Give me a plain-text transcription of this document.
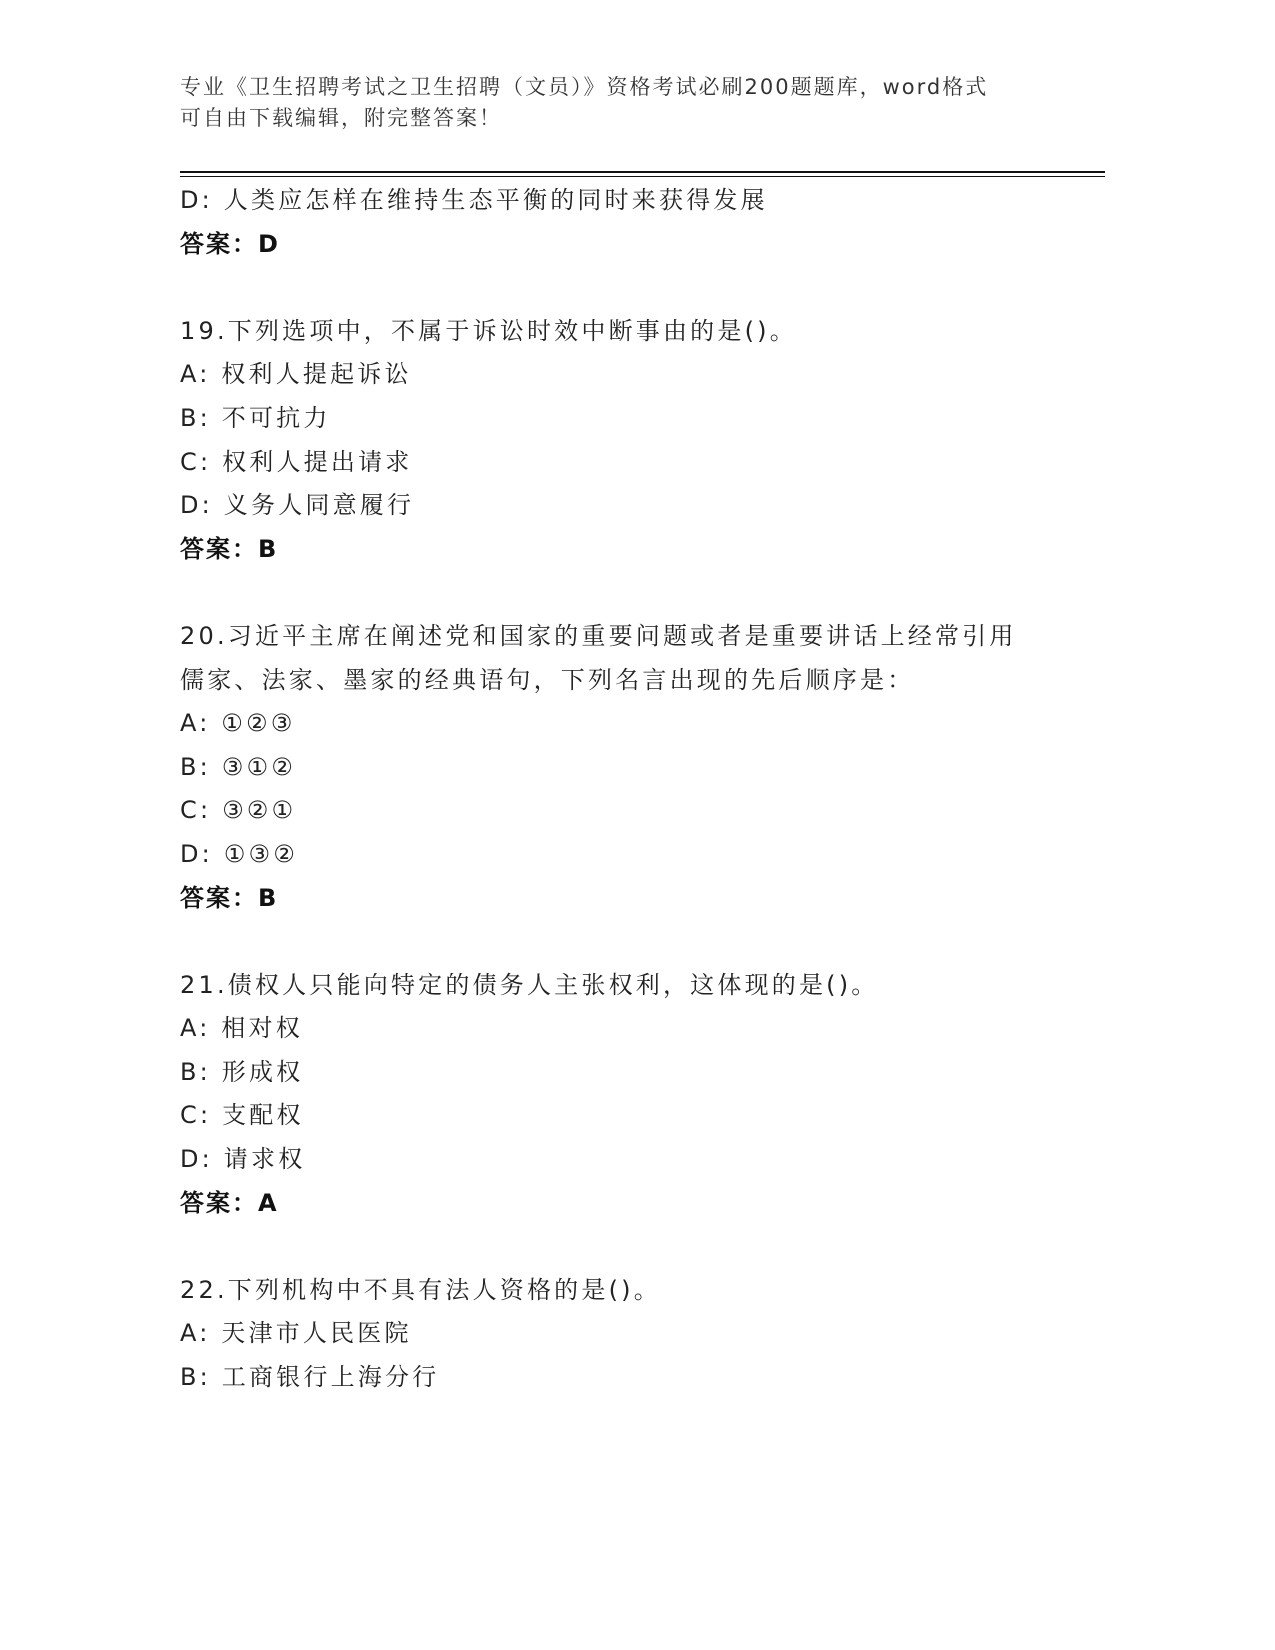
专业《卫生招聘考试之卫生招聘（文员）》资格考试必刷200题题库，word格式
可自由下载编辑，附完整答案！
D: 人类应怎样在维持生态平衡的同时来获得发展
答案：D
19.下列选项中，不属于诉讼时效中断事由的是()。
A: 权利人提起诉讼
B: 不可抗力
C: 权利人提出请求
D: 义务人同意履行
答案：B
20.习近平主席在阐述党和国家的重要问题或者是重要讲话上经常引用
儒家、法家、墨家的经典语句，下列名言出现的先后顺序是：
A: ①②③
B: ③①②
C: ③②①
D: ①③②
答案：B
21.债权人只能向特定的债务人主张权利，这体现的是()。
A: 相对权
B: 形成权
C: 支配权
D: 请求权
答案：A
22.下列机构中不具有法人资格的是()。
A: 天津市人民医院
B: 工商银行上海分行
